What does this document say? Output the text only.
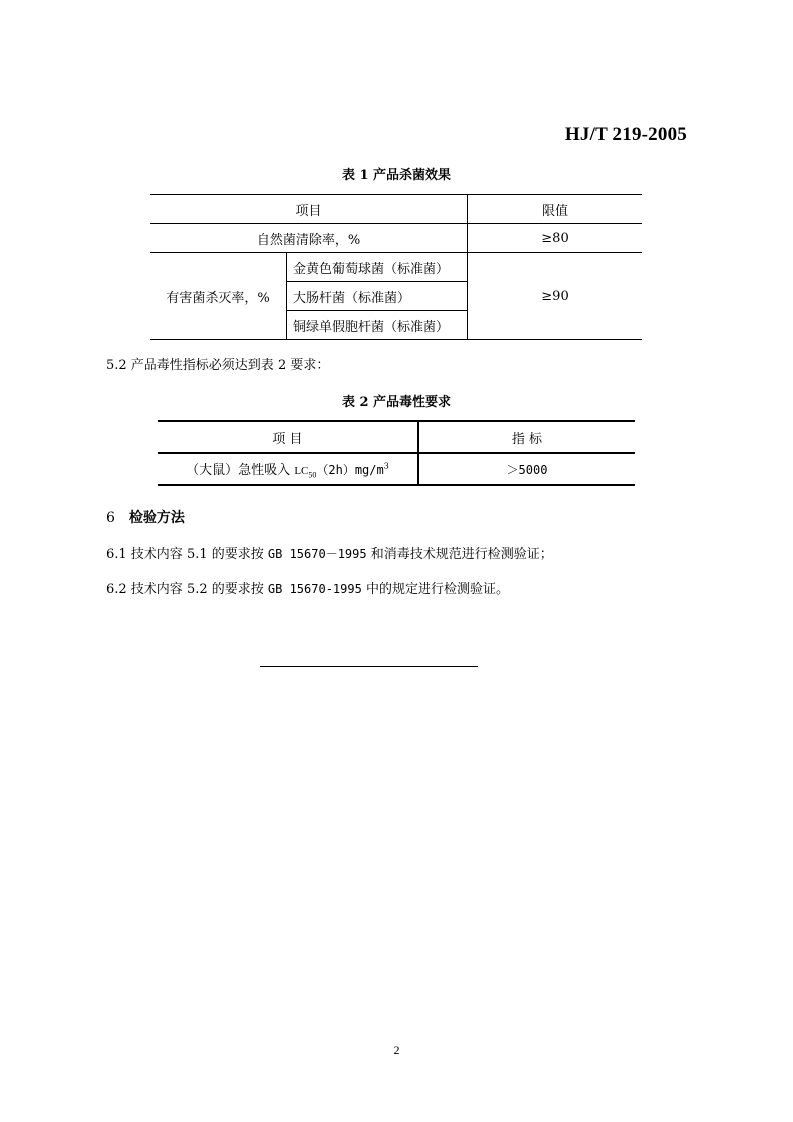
HJ/T 219-2005
表 1 产品杀菌效果
项目		限值
自然菌清除率，%		≥80
有害菌杀灭率，%	金黄色葡萄球菌（标准菌）	≥90
	大肠杆菌（标准菌）	
	铜绿单假胞杆菌（标准菌）	
5.2 产品毒性指标必须达到表 2 要求：
表 2 产品毒性要求
项 目	指 标
（大鼠）急性吸入 $LC_{50}(2h)mg/m^3$	＞5000
6 检验方法
6.1 技术内容 5.1 的要求按 GB 15670－1995 和消毒技术规范进行检测验证；
6.2 技术内容 5.2 的要求按 GB 15670-1995 中的规定进行检测验证。
2
